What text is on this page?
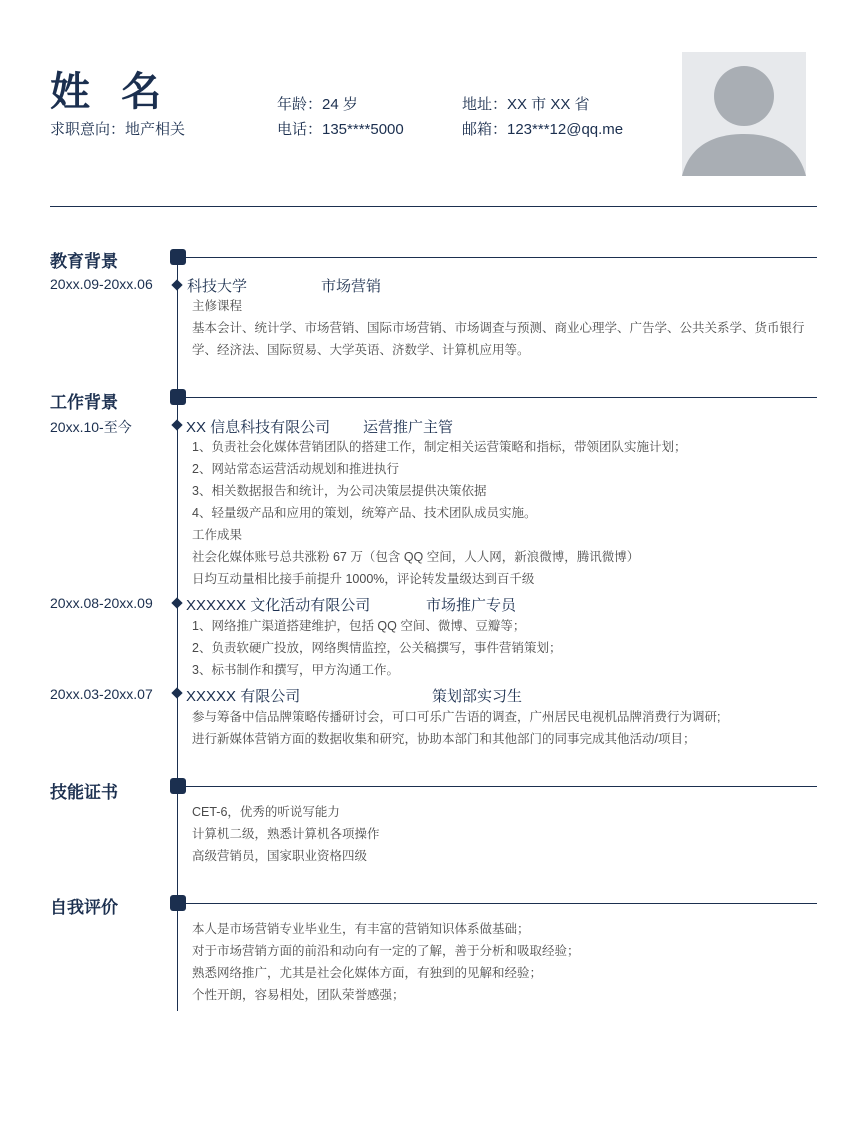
姓 名
求职意向：地产相关
年龄：24 岁
电话：135****5000
地址：XX 市 XX 省
邮箱：123***12@qq.me
教育背景
20xx.09-20xx.06 科技大学	市场营销
主修课程
基本会计、统计学、市场营销、国际市场营销、市场调查与预测、商业心理学、广告学、公共关系学、货币银行学、经济法、国际贸易、大学英语、济数学、计算机应用等。
工作背景
20xx.10-至今	XX 信息科技有限公司 运营推广主管
1、负责社会化媒体营销团队的搭建工作，制定相关运营策略和指标，带领团队实施计划；
2、网站常态运营活动规划和推进执行
3、相关数据报告和统计，为公司决策层提供决策依据
4、轻量级产品和应用的策划，统筹产品、技术团队成员实施。
工作成果
社会化媒体账号总共涨粉 67 万（包含 QQ 空间，人人网，新浪微博，腾讯微博）
日均互动量相比接手前提升 1000%，评论转发量级达到百千级
20xx.08-20xx.09 XXXXXX 文化活动有限公司	市场推广专员
1、网络推广渠道搭建维护，包括 QQ 空间、微博、豆瓣等；
2、负责软硬广投放，网络舆情监控，公关稿撰写，事件营销策划；
3、标书制作和撰写，甲方沟通工作。
20xx.03-20xx.07 XXXXX 有限公司	策划部实习生
参与筹备中信品牌策略传播研讨会，可口可乐广告语的调查，广州居民电视机品牌消费行为调研;
进行新媒体营销方面的数据收集和研究，协助本部门和其他部门的同事完成其他活动/项目；
技能证书
CET-6，优秀的听说写能力
计算机二级，熟悉计算机各项操作
高级营销员，国家职业资格四级
自我评价
本人是市场营销专业毕业生，有丰富的营销知识体系做基础；
对于市场营销方面的前沿和动向有一定的了解，善于分析和吸取经验；
熟悉网络推广，尤其是社会化媒体方面，有独到的见解和经验；
个性开朗，容易相处，团队荣誉感强；
